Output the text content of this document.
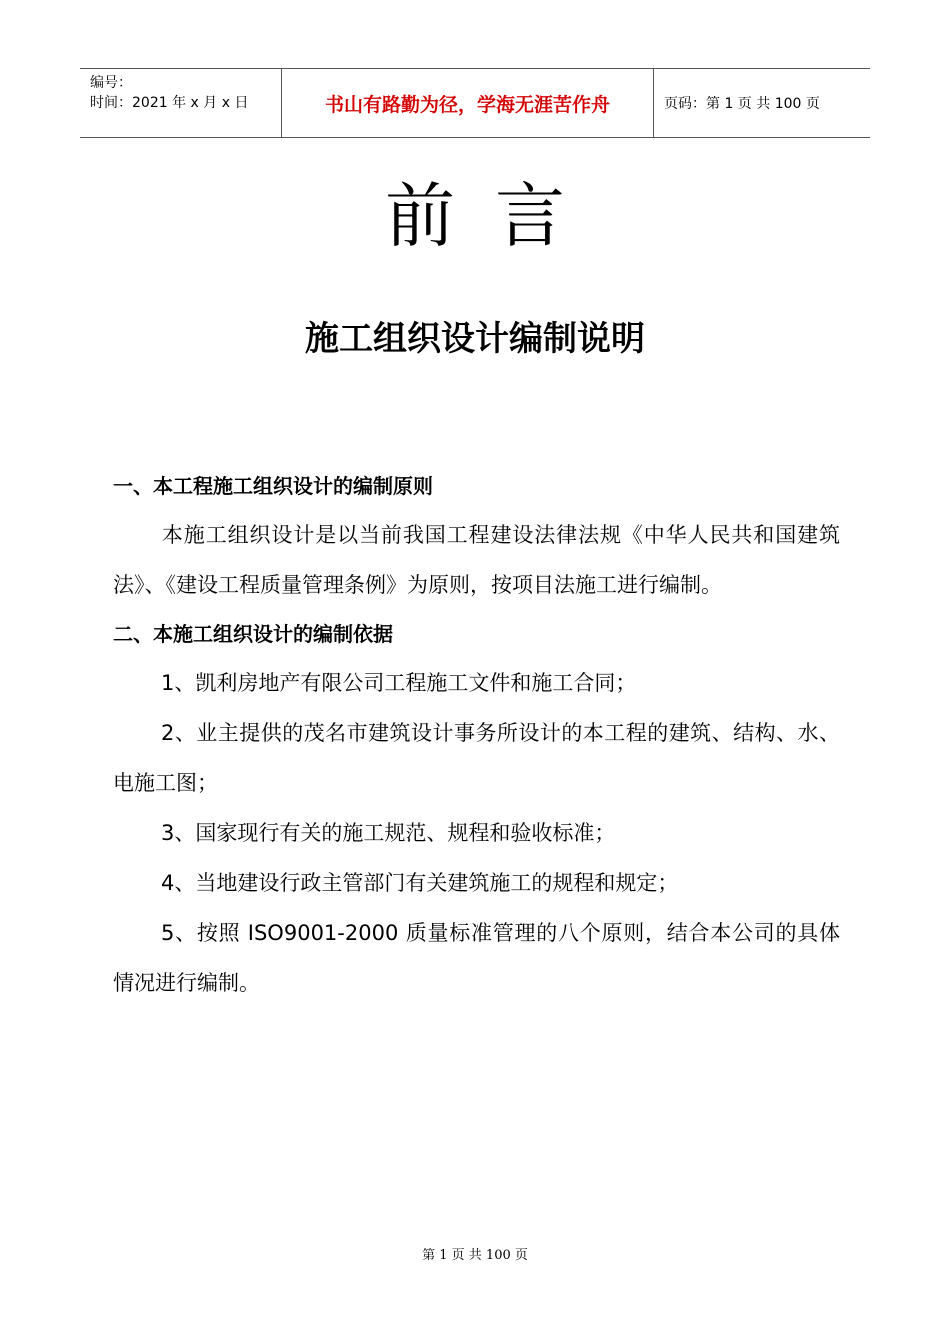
编号：
时间：2021 年 x 月 x 日	书山有路勤为径，学海无涯苦作舟	页码：第 1 页 共 100 页
前言
施工组织设计编制说明
一、本工程施工组织设计的编制原则
本施工组织设计是以当前我国工程建设法律法规《中华人民共和国建筑法》、《建设工程质量管理条例》为原则，按项目法施工进行编制。
二、本施工组织设计的编制依据
1、凯利房地产有限公司工程施工文件和施工合同；
2、业主提供的茂名市建筑设计事务所设计的本工程的建筑、结构、水、电施工图；
3、国家现行有关的施工规范、规程和验收标准；
4、当地建设行政主管部门有关建筑施工的规程和规定；
5、按照 ISO9001-2000 质量标准管理的八个原则，结合本公司的具体情况进行编制。
第 1 页 共 100 页
